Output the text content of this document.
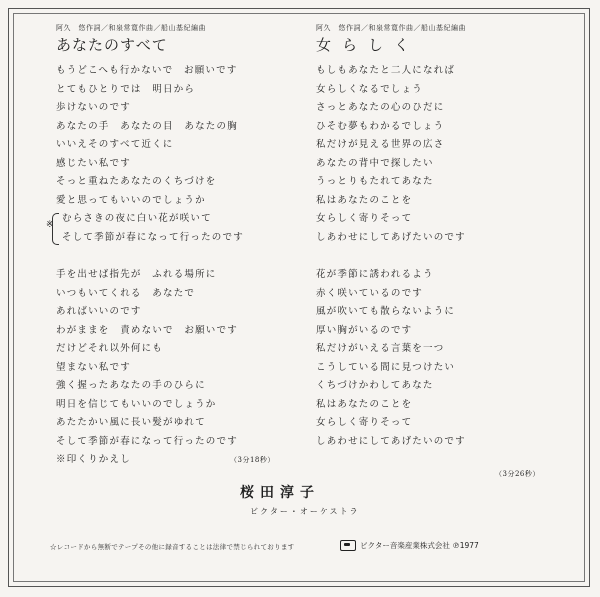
阿久　悠作詞／和泉常寛作曲／船山基紀編曲
あなたのすべて
もうどこへも行かないで　お願いです
とてもひとりでは　明日から
歩けないのです
あなたの手　あなたの目　あなたの胸
いいえそのすべて近くに
感じたい私です
そっと重ねたあなたのくちづけを
愛と思ってもいいのでしょうか
※
むらさきの夜に白い花が咲いて
そして季節が春になって行ったのです
手を出せば指先が　ふれる場所に
いつもいてくれる　あなたで
あればいいのです
わがままを　責めないで　お願いです
だけどそれ以外何にも
望まない私です
強く握ったあなたの手のひらに
明日を信じてもいいのでしょうか
あたたかい風に長い髪がゆれて
そして季節が春になって行ったのです
※印くりかえし	（3分18秒）
阿久　悠作詞／和泉常寛作曲／船山基紀編曲
女らしく
もしもあなたと二人になれば
女らしくなるでしょう
さっとあなたの心のひだに
ひそむ夢もわかるでしょう
私だけが見える世界の広さ
あなたの背中で探したい
うっとりもたれてあなた
私はあなたのことを
女らしく寄りそって
しあわせにしてあげたいのです
花が季節に誘われるよう
赤く咲いているのです
風が吹いても散らないように
厚い胸がいるのです
私だけがいえる言葉を一つ
こうしている間に見つけたい
くちづけかわしてあなた
私はあなたのことを
女らしく寄りそって
しあわせにしてあげたいのです
（3分26秒）
桜田淳子
ビクター・オーケストラ
☆レコードから無断でテープその他に録音することは法律で禁じられております	ビクター音楽産業株式会社 ℗1977
